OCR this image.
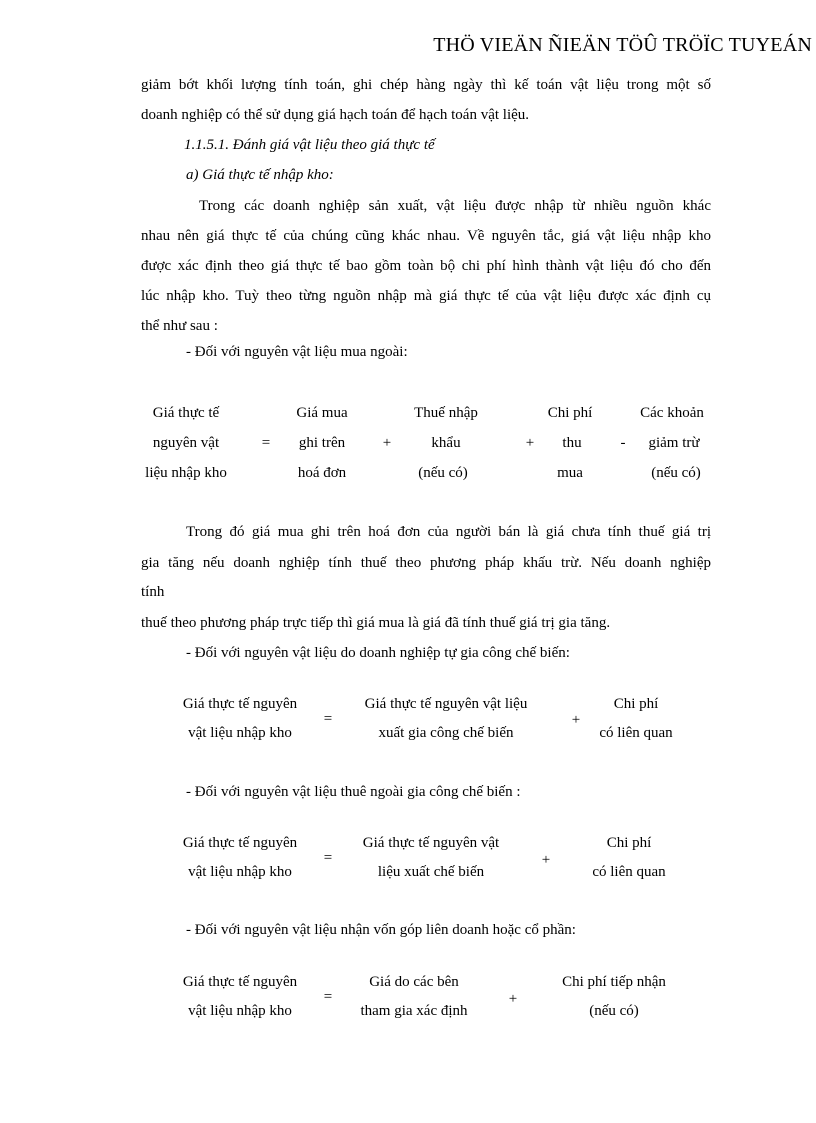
THÖ VIEÄN ÑIEÄN TÖÛ TRÖÏC TUYEÁN
giảm bớt khối lượng tính toán, ghi chép hàng ngày thì kế toán vật liệu trong một số
doanh nghiệp có thể sử dụng giá hạch toán để hạch toán vật liệu.
1.1.5.1. Đánh giá vật liệu theo giá thực tế
a) Giá thực tế nhập kho:
Trong các doanh nghiệp sản xuất, vật liệu được nhập từ nhiều nguồn khác
nhau nên giá thực tế của chúng cũng khác nhau. Về nguyên tắc, giá vật liệu nhập kho
được xác định theo giá thực tế bao gồm toàn bộ chi phí hình thành vật liệu đó cho đến
lúc nhập kho. Tuỳ theo từng nguồn nhập mà giá thực tế của vật liệu được xác định cụ
thể như sau :
- Đối với nguyên vật liệu mua ngoài:
Giá thực tế
nguyên vật
liệu nhập kho
=
Giá mua
ghi trên
hoá đơn
+
Thuế nhập
khẩu
(nếu có)
+
Chi phí
thu
mua
-
Các khoản
giảm trừ
(nếu có)
Trong đó giá mua ghi trên hoá đơn của người bán là giá chưa tính thuế giá trị
gia tăng nếu doanh nghiệp tính thuế theo phương pháp khấu trừ. Nếu doanh nghiệp
tính
thuế theo phương pháp trực tiếp thì giá mua là giá đã tính thuế giá trị gia tăng.
- Đối với nguyên vật liệu do doanh nghiệp tự gia công chế biến:
Giá thực tế nguyên
vật liệu nhập kho
=
Giá thực tế nguyên vật liệu
xuất gia công chế biến
+
Chi phí
có liên quan
- Đối với nguyên vật liệu thuê ngoài gia công chế biến :
Giá thực tế nguyên
vật liệu nhập kho
=
Giá thực tế nguyên vật
liệu xuất chế biến
+
Chi phí
có liên quan
- Đối với nguyên vật liệu nhận vốn góp liên doanh hoặc cổ phần:
Giá thực tế nguyên
vật liệu nhập kho
=
Giá do các bên
tham gia xác định
+
Chi phí tiếp nhận
(nếu có)
